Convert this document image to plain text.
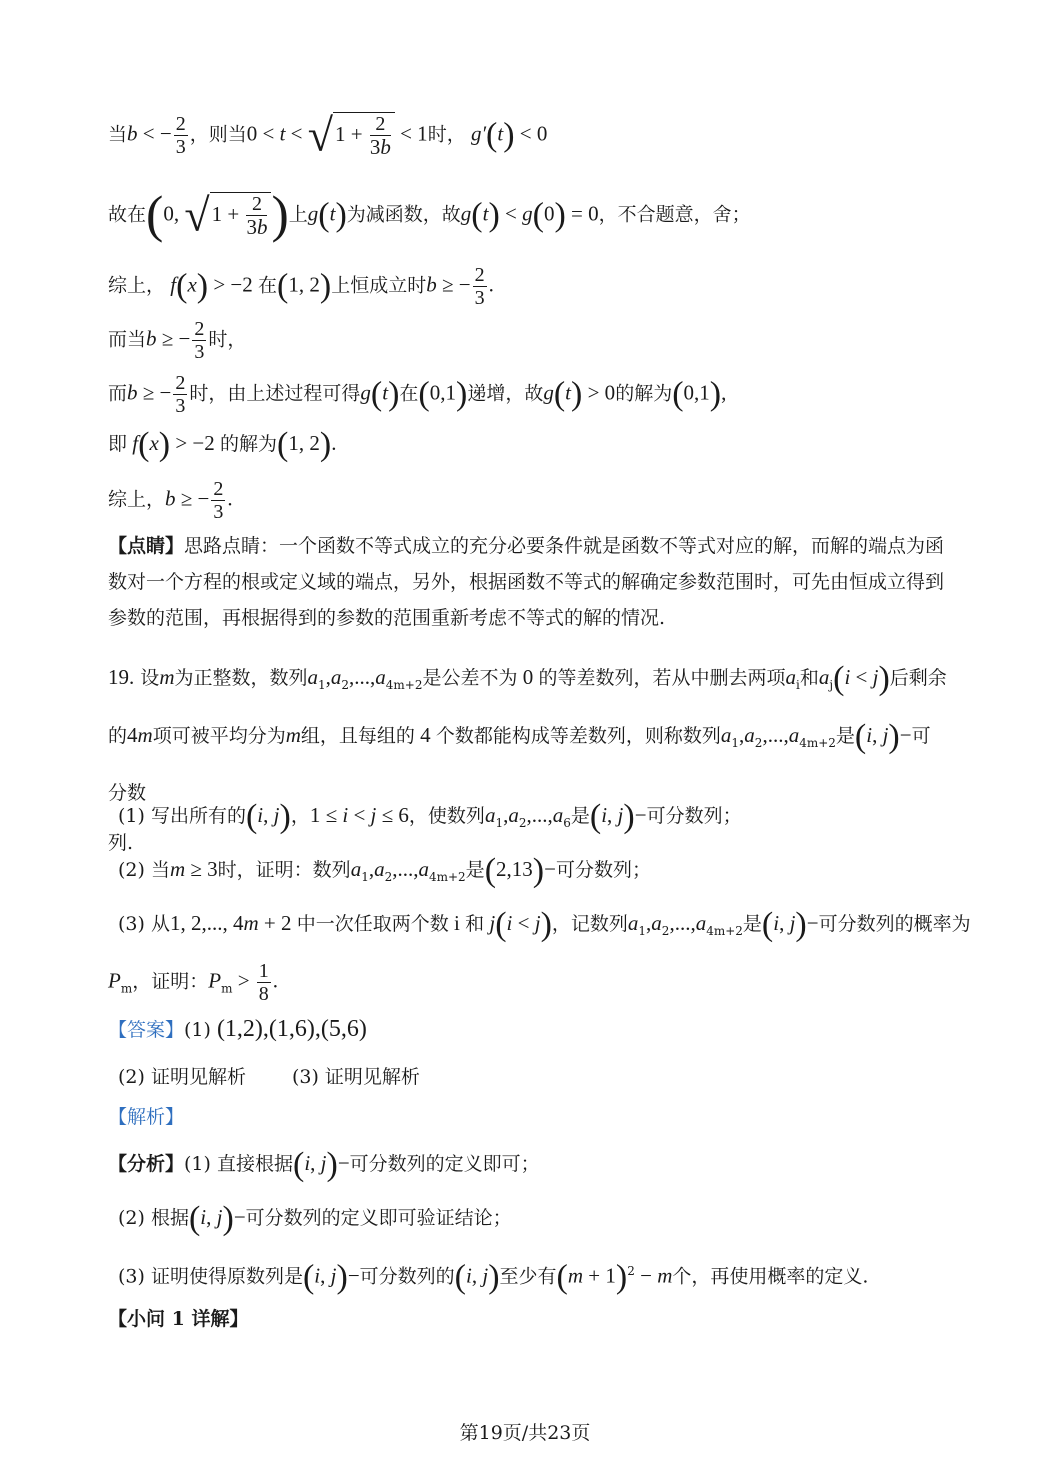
当b < − $\frac{2}{3}$ ，则当$0 < t < √1 + \frac{2}{3b} < 1$时， g′(t) < 0
故在(0, $√1 + \frac{2}{3b}$ )上g(t)为减函数，故g(t) < g(0) = 0，不合题意，舍；
综上， f(x) > −2 在(1, 2)上恒成立时b ≥ − $\frac{2}{3}$ .
而当b ≥ − $\frac{2}{3}$ 时，
而b ≥ − $\frac{2}{3}$ 时，由上述过程可得g(t)在(0,1)递增，故g(t) > 0的解为(0,1),
即 f(x) > −2 的解为(1, 2).
综上，b ≥ − $\frac{2}{3}$ .
【点睛】思路点睛：一个函数不等式成立的充分必要条件就是函数不等式对应的解，而解的端点为函数对一个方程的根或定义域的端点，另外，根据函数不等式的解确定参数范围时，可先由恒成立得到参数的范围，再根据得到的参数的范围重新考虑不等式的解的情况.
19. 设m为正整数，数列$a_1,a_2,...,a_{4m+2}$是公差不为 0 的等差数列，若从中删去两项$a_i$和$a_j(i < j)$后剩余
的4m项可被平均分为m组，且每组的 4 个数都能构成等差数列，则称数列$a_1,a_2,...,a_{4m+2}$是(i, j)−可分数
列.
(1) 写出所有的(i, j)，1 ≤ i < j ≤ 6，使数列$a_1,a_2,...,a_6$是(i, j)−可分数列；
(2) 当m ≥ 3时，证明：数列$a_1,a_2,...,a_{4m+2}$是(2,13)−可分数列；
(3) 从1, 2,..., 4m + 2 中一次任取两个数 i 和 j(i < j)，记数列$a_1,a_2,...,a_{4m+2}$是(i, j)−可分数列的概率为
$P_m$，证明：$P_m > \frac{1}{8}$ .
【答案】(1) (1,2),(1,6),(5,6)
(2) 证明见解析 (3) 证明见解析
【解析】
【分析】(1) 直接根据(i, j)−可分数列的定义即可；
(2) 根据(i, j)−可分数列的定义即可验证结论；
(3) 证明使得原数列是(i, j)−可分数列的(i, j)至少有$(m + 1)^2 - m$个，再使用概率的定义.
【小问 1 详解】
第19页/共23页
